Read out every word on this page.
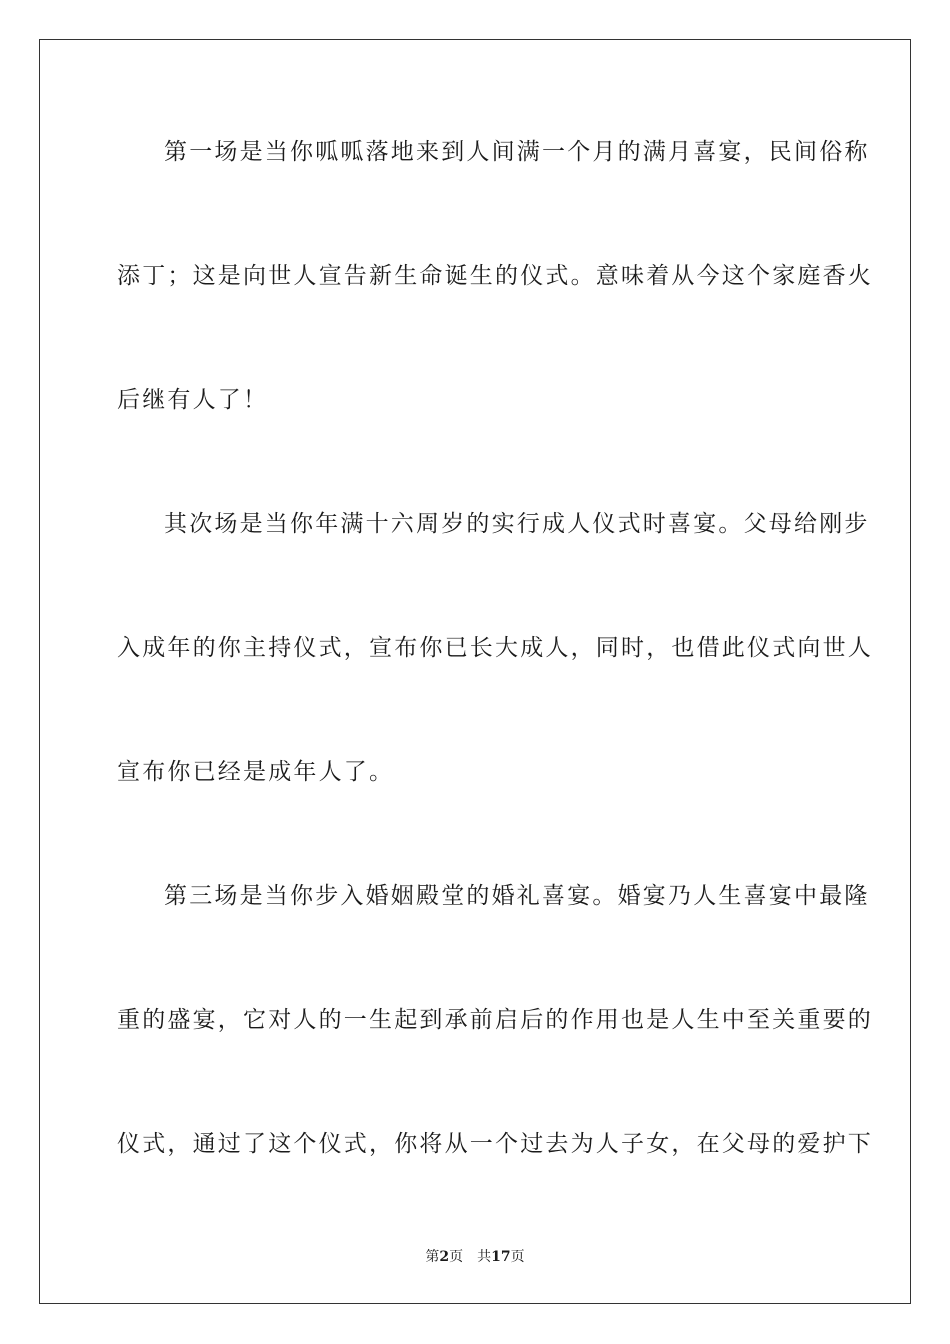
第一场是当你呱呱落地来到人间满一个月的满月喜宴，民间俗称
添丁；这是向世人宣告新生命诞生的仪式。意味着从今这个家庭香火
后继有人了！
其次场是当你年满十六周岁的实行成人仪式时喜宴。父母给刚步
入成年的你主持仪式，宣布你已长大成人，同时，也借此仪式向世人
宣布你已经是成年人了。
第三场是当你步入婚姻殿堂的婚礼喜宴。婚宴乃人生喜宴中最隆
重的盛宴，它对人的一生起到承前启后的作用也是人生中至关重要的
仪式，通过了这个仪式，你将从一个过去为人子女，在父母的爱护下
第2页 共17页
